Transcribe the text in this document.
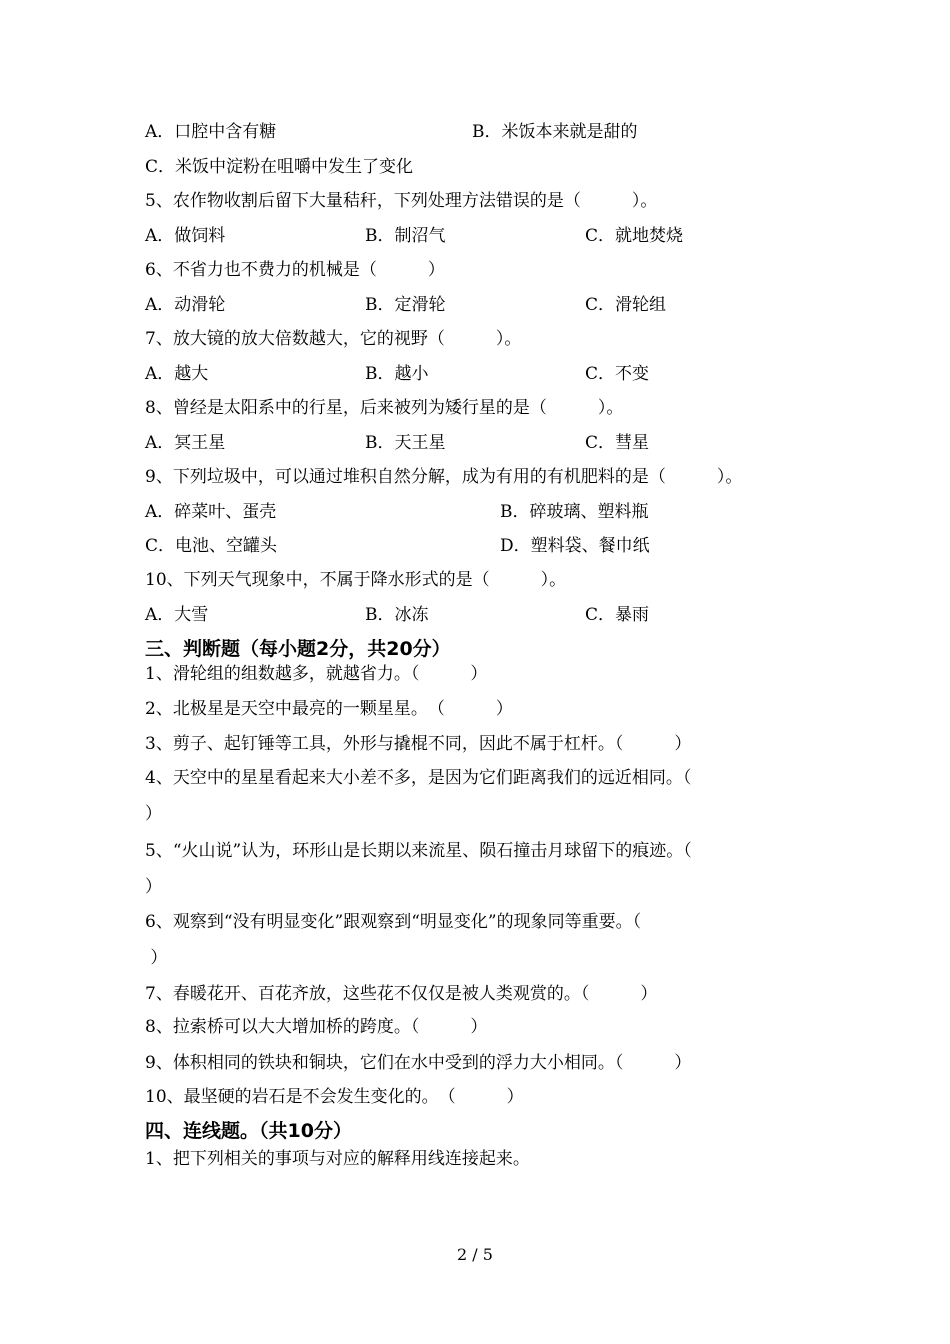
A．口腔中含有糖	B．米饭本来就是甜的
C．米饭中淀粉在咀嚼中发生了变化
5、农作物收割后留下大量秸秆，下列处理方法错误的是（　　　）。
A．做饲料	B．制沼气	C．就地焚烧
6、不省力也不费力的机械是（　　　）
A．动滑轮	B．定滑轮	C．滑轮组
7、放大镜的放大倍数越大，它的视野（　　　）。
A．越大	B．越小	C．不变
8、曾经是太阳系中的行星，后来被列为矮行星的是（　　　）。
A．冥王星	B．天王星	C．彗星
9、下列垃圾中，可以通过堆积自然分解，成为有用的有机肥料的是（　　　）。
A．碎菜叶、蛋壳	B．碎玻璃、塑料瓶
C．电池、空罐头	D．塑料袋、餐巾纸
10、下列天气现象中，不属于降水形式的是（　　　）。
A．大雪	B．冰冻	C．暴雨
三、判断题（每小题2分，共20分）
1、滑轮组的组数越多，就越省力。（　　　）
2、北极星是天空中最亮的一颗星星。　（　　　）
3、剪子、起钉锤等工具，外形与撬棍不同，因此不属于杠杆。（　　　）
4、天空中的星星看起来大小差不多，是因为它们距离我们的远近相同。（
）
5、“火山说”认为，环形山是长期以来流星、陨石撞击月球留下的痕迹。（
）
6、观察到“没有明显变化”跟观察到“明显变化”的现象同等重要。（
）
7、春暖花开、百花齐放，这些花不仅仅是被人类观赏的。（　　　）
8、拉索桥可以大大增加桥的跨度。（　　　）
9、体积相同的铁块和铜块，它们在水中受到的浮力大小相同。（　　　）
10、最坚硬的岩石是不会发生变化的。　（　　　）
四、连线题。（共10分）
1、把下列相关的事项与对应的解释用线连接起来。
2 / 5
